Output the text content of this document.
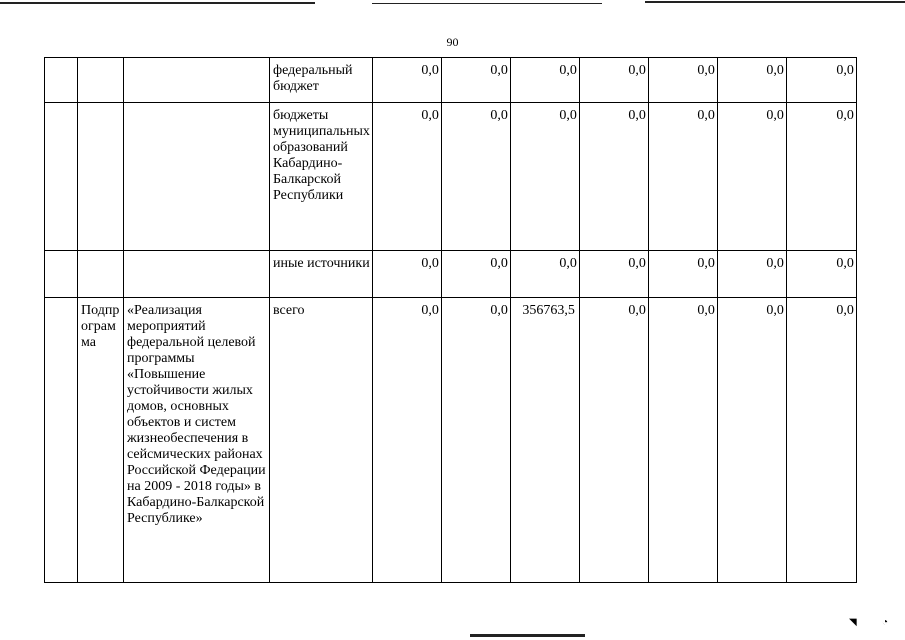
90
			федеральный бюджет	0,0	0,0	0,0	0,0	0,0	0,0	0,0
			бюджеты муниципальных образований Кабардино-Балкарской Республики	0,0	0,0	0,0	0,0	0,0	0,0	0,0
			иные источники	0,0	0,0	0,0	0,0	0,0	0,0	0,0
	Подпрограмма	«Реализация мероприятий федеральной целевой программы «Повышение устойчивости жилых домов, основных объектов и систем жизнеобеспечения в сейсмических районах Российской Федерации на 2009 - 2018 годы» в Кабардино-Балкарской Республике»	всего	0,0	0,0	356763,5	0,0	0,0	0,0	0,0
◥	◔
